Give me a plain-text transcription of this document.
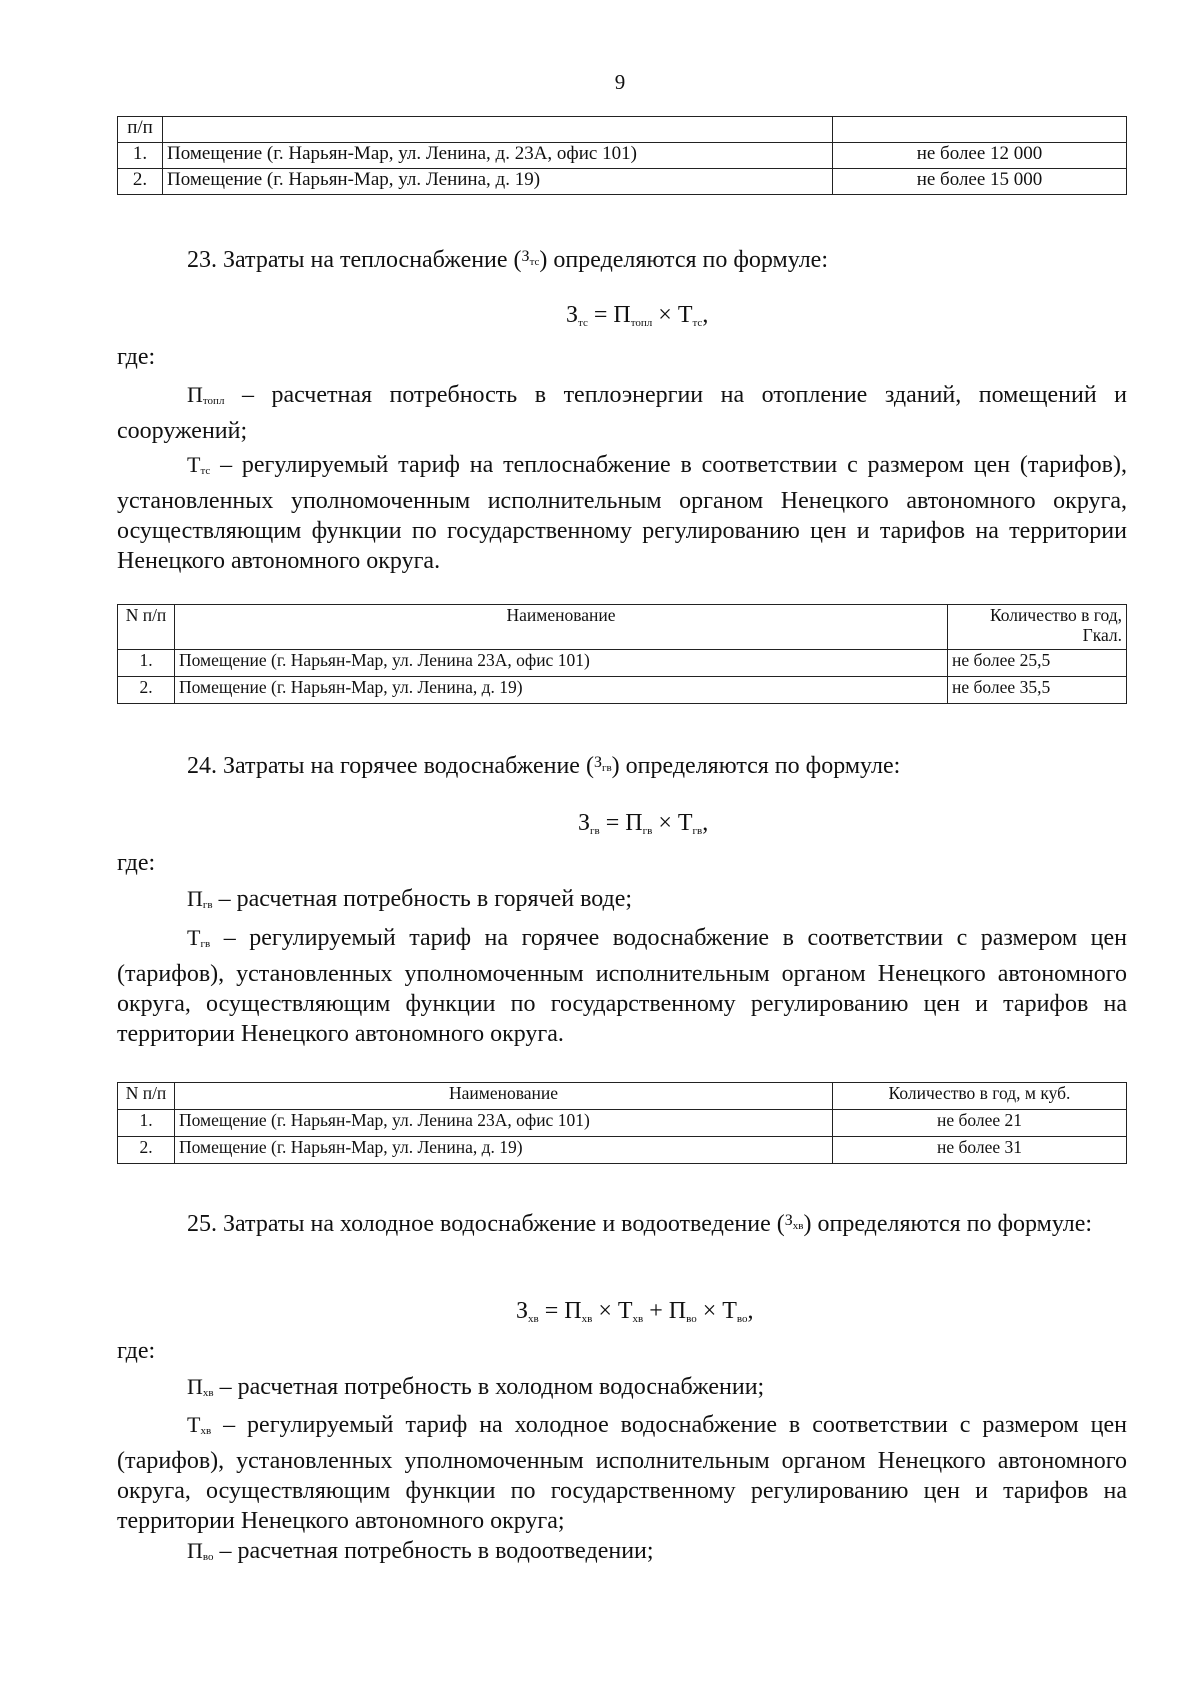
9
п/п		
1.	Помещение (г. Нарьян-Мар, ул. Ленина, д. 23А, офис 101)	не более 12 000
2.	Помещение (г. Нарьян-Мар, ул. Ленина, д. 19)	не более 15 000
23. Затраты на теплоснабжение ($^{З_{тс}}$) определяются по формуле:
$З_{тс} = П_{топл} \times Т_{тс}$,
где:
$П_{топл}$ – расчетная потребность в теплоэнергии на отопление зданий, помещений и сооружений;
$Т_{тс}$ – регулируемый тариф на теплоснабжение в соответствии с размером цен (тарифов), установленных уполномоченным исполнительным органом Ненецкого автономного округа, осуществляющим функции по государственному регулированию цен и тарифов на территории Ненецкого автономного округа.
N п/п	Наименование	Количество в год, Гкал.
1.	Помещение (г. Нарьян-Мар, ул. Ленина 23А, офис 101)	не более 25,5
2.	Помещение (г. Нарьян-Мар, ул. Ленина, д. 19)	не более 35,5
24. Затраты на горячее водоснабжение ($^{З_{гв}}$) определяются по формуле:
$З_{гв} = П_{гв} \times Т_{гв}$,
где:
$П_{гв}$ – расчетная потребность в горячей воде;
$Т_{гв}$ – регулируемый тариф на горячее водоснабжение в соответствии с размером цен (тарифов), установленных уполномоченным исполнительным органом Ненецкого автономного округа, осуществляющим функции по государственному регулированию цен и тарифов на территории Ненецкого автономного округа.
N п/п	Наименование	Количество в год, м куб.
1.	Помещение (г. Нарьян-Мар, ул. Ленина 23А, офис 101)	не более 21
2.	Помещение (г. Нарьян-Мар, ул. Ленина, д. 19)	не более 31
25. Затраты на холодное водоснабжение и водоотведение ($^{З_{хв}}$) определяются по формуле:
$З_{хв} = П_{хв} \times Т_{хв} + П_{во} \times Т_{во}$,
где:
$П_{хв}$ – расчетная потребность в холодном водоснабжении;
$Т_{хв}$ – регулируемый тариф на холодное водоснабжение в соответствии с размером цен (тарифов), установленных уполномоченным исполнительным органом Ненецкого автономного округа, осуществляющим функции по государственному регулированию цен и тарифов на территории Ненецкого автономного округа;
$П_{во}$ – расчетная потребность в водоотведении;
